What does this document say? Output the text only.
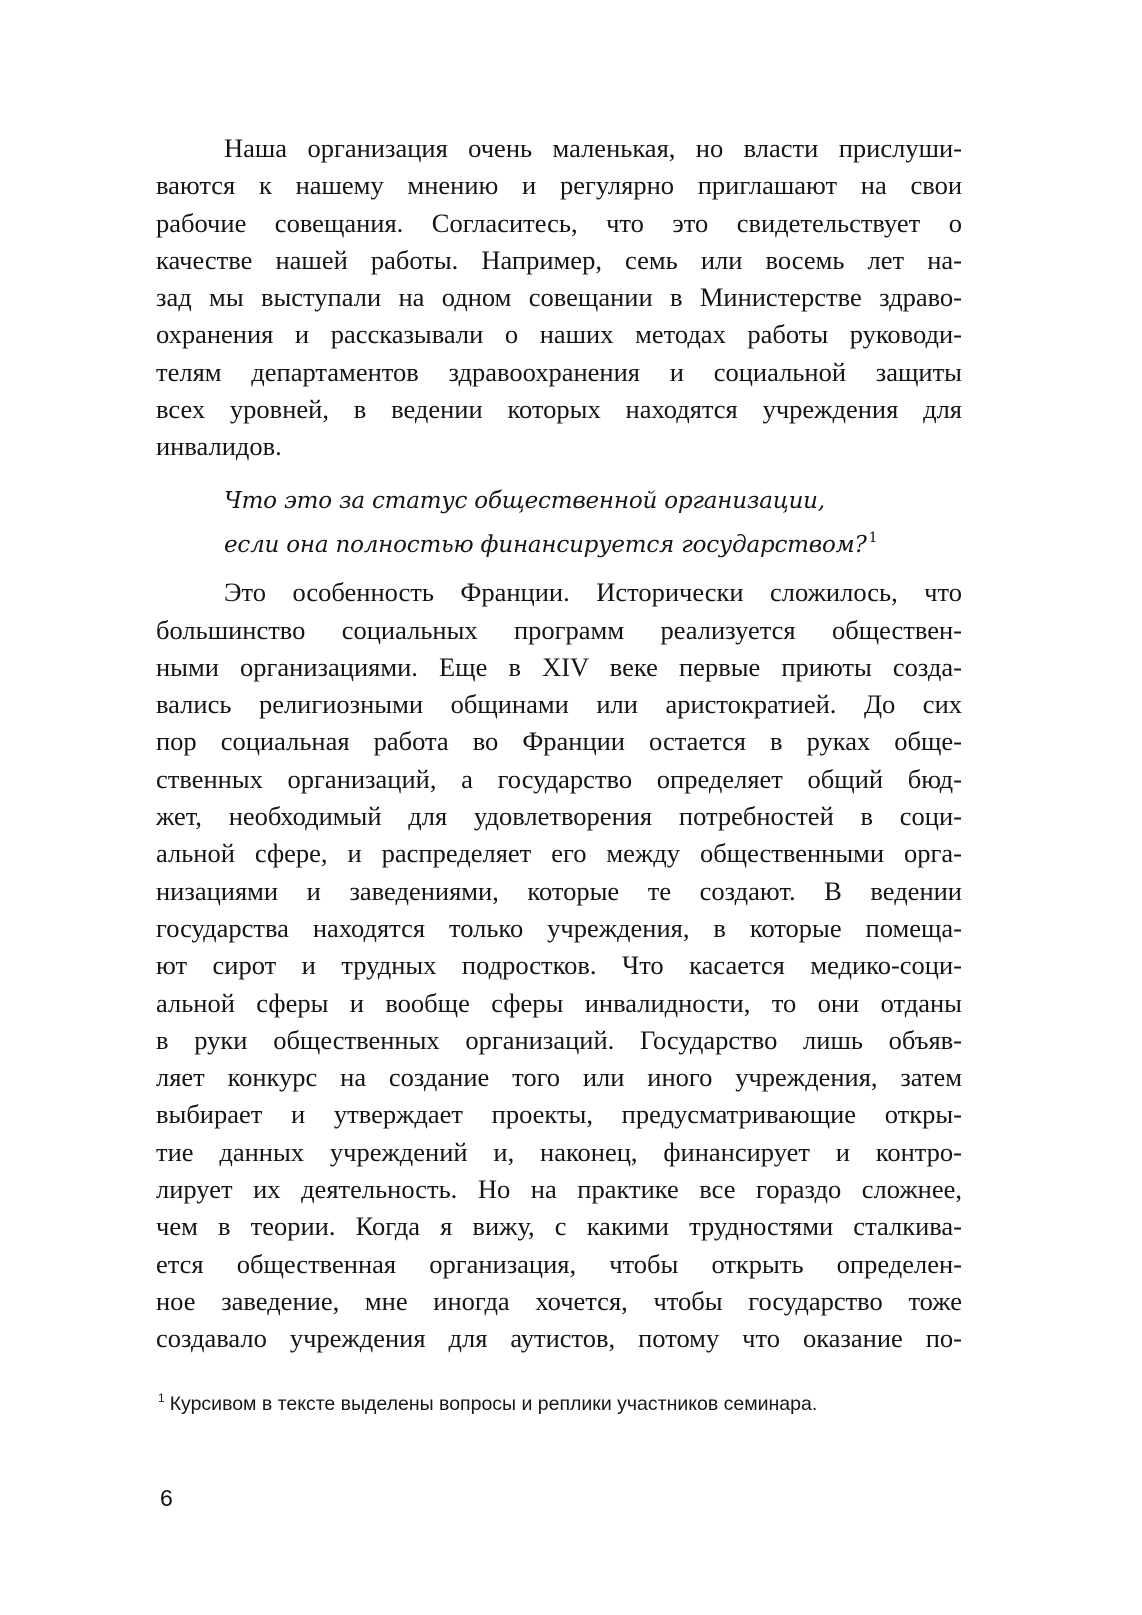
Наша организация очень маленькая, но власти прислуши-
ваются к нашему мнению и регулярно приглашают на свои
рабочие совещания. Согласитесь, что это свидетельствует о
качестве нашей работы. Например, семь или восемь лет на-
зад мы выступали на одном совещании в Министерстве здраво-
охранения и рассказывали о наших методах работы руководи-
телям департаментов здравоохранения и социальной защиты
всех уровней, в ведении которых находятся учреждения для
инвалидов.
Что это за статус общественной организации,
если она полностью финансируется государством? $^1$
Это особенность Франции. Исторически сложилось, что
большинство социальных программ реализуется обществен-
ными организациями. Еще в XIV веке первые приюты созда-
вались религиозными общинами или аристократией. До сих
пор социальная работа во Франции остается в руках обще-
ственных организаций, а государство определяет общий бюд-
жет, необходимый для удовлетворения потребностей в соци-
альной сфере, и распределяет его между общественными орга-
низациями и заведениями, которые те создают. В ведении
государства находятся только учреждения, в которые помеща-
ют сирот и трудных подростков. Что касается медико-соци-
альной сферы и вообще сферы инвалидности, то они отданы
в руки общественных организаций. Государство лишь объяв-
ляет конкурс на создание того или иного учреждения, затем
выбирает и утверждает проекты, предусматривающие откры-
тие данных учреждений и, наконец, финансирует и контро-
лирует их деятельность. Но на практике все гораздо сложнее,
чем в теории. Когда я вижу, с какими трудностями сталкива-
ется общественная организация, чтобы открыть определен-
ное заведение, мне иногда хочется, чтобы государство тоже
создавало учреждения для аутистов, потому что оказание по-
$^1$ Курсивом в тексте выделены вопросы и реплики участников семинара.
6
